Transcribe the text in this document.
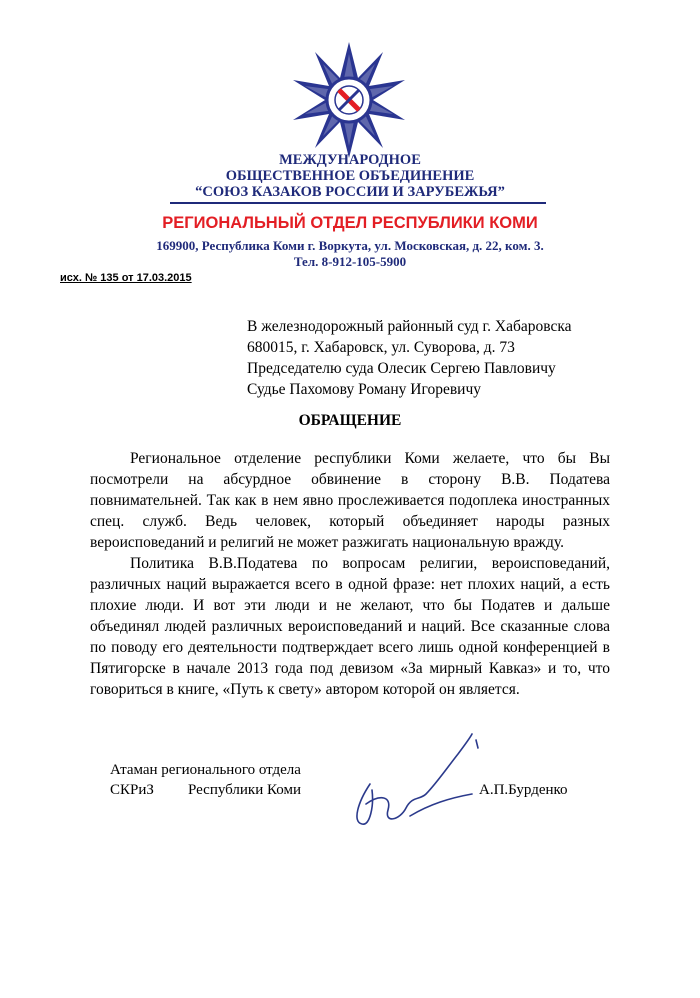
МЕЖДУНАРОДНОЕ
ОБЩЕСТВЕННОЕ ОБЪЕДИНЕНИЕ
“СОЮЗ КАЗАКОВ РОССИИ И ЗАРУБЕЖЬЯ”
РЕГИОНАЛЬНЫЙ ОТДЕЛ РЕСПУБЛИКИ КОМИ
169900, Республика Коми г. Воркута, ул. Московская, д. 22, ком. 3.
Тел. 8-912-105-5900
исх. № 135 от 17.03.2015
В железнодорожный районный суд г. Хабаровска
680015, г. Хабаровск, ул. Суворова, д. 73
Председателю суда Олесик Сергею Павловичу
Судье Пахомову Роману Игоревичу
ОБРАЩЕНИЕ

Региональное отделение республики Коми желаете, что бы Вы посмотрели на абсурдное обвинение в сторону В.В. Податева повнимательней. Так как в нем явно прослеживается подоплека иностранных спец. служб. Ведь человек, который объединяет народы разных вероисповеданий и религий не может разжигать национальную вражду.

Политика В.В.Податева по вопросам религии, вероисповеданий, различных наций выражается всего в одной фразе: нет плохих наций, а есть плохие люди. И вот эти люди и не желают, что бы Податев и дальше объединял людей различных вероисповеданий и наций. Все сказанные слова по поводу его деятельности подтверждает всего лишь одной конференцией в Пятигорске в начале 2013 года под девизом «За мирный Кавказ» и то, что говориться в книге, «Путь к свету» автором которой он является.

Атаман регионального отдела
СКРиЗ Республики Коми	А.П.Бурденко
